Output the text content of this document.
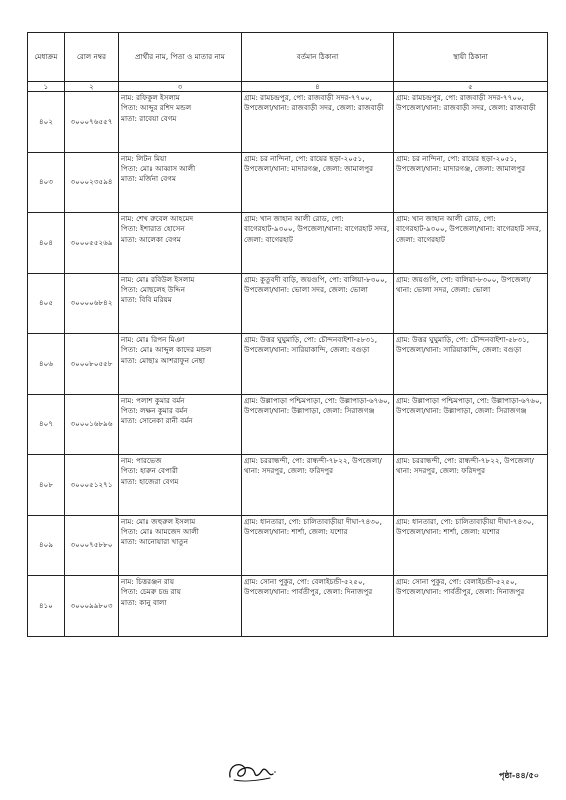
মেধাক্রম	রোল নম্বর	প্রার্থীর নাম, পিতা ও মাতার নাম	বর্তমান ঠিকানা	স্থায়ী ঠিকানা
১	২	৩	৪	৫
৪০২	৩০০০৭৬৫৫৭	নাম: রফিকুল ইসলাম
পিতা: আব্দুর রশিদ মন্ডল
মাতা: রাবেয়া বেগম	গ্রাম: রামচন্দ্রপুর, পো: রাজবাড়ী সদর-৭৭০০, উপজেলা/থানা: রাজবাড়ী সদর, জেলা: রাজবাড়ী	গ্রাম: রামচন্দ্রপুর, পো: রাজবাড়ী সদর-৭৭০০, উপজেলা/থানা: রাজবাড়ী সদর, জেলা: রাজবাড়ী
৪০৩	৩০০০২৩৫৯৪	নাম: লিটন মিয়া
পিতা: মোঃ আব্বাস আলী
মাতা: মর্জিনা বেগম	গ্রাম: চর নান্দিনা, পো: রায়ের ছড়া-২০৫১, উপজেলা/থানা: মাদারগঞ্জ, জেলা: জামালপুর	গ্রাম: চর নান্দিনা, পো: রায়ের ছড়া-২০৫১, উপজেলা/থানা: মাদারগঞ্জ, জেলা: জামালপুর
৪০৪	৩০০০৫৫২৬৯	নাম: শেখ রুবেল আহমেদ
পিতা: ইশারাত হোসেন
মাতা: আলেকা বেগম	গ্রাম: খান জাহান আলী রোড, পো: বাগেরহাট-৯৩০০, উপজেলা/থানা: বাগেরহাট সদর, জেলা: বাগেরহাট	গ্রাম: খান জাহান আলী রোড, পো: বাগেরহাট-৯৩০০, উপজেলা/থানা: বাগেরহাট সদর, জেলা: বাগেরহাট
৪০৫	৩০০০০৬৮৪২	নাম: মোঃ রবিউল ইসলাম
পিতা: মোছলেহ উদ্দিন
মাতা: বিবি মরিয়ম	গ্রাম: কুতুবদী বাড়ি, জয়গুপি, পো: বালিয়া-৮৩০০, উপজেলা/থানা: ভোলা সদর, জেলা: ভোলা	গ্রাম: জয়গুপি, পো: বালিয়া-৮৩০০, উপজেলা/থানা: ভোলা সদর, জেলা: ভোলা
৪০৬	৩০০০৮০৫৫৮	নাম: মোঃ রিপন মিঞা
পিতা: মোঃ আব্দুল কাদের মন্ডল
মাতা: মোছাঃ আশরাফুন নেছা	গ্রাম: উত্তর ঘুঘুমাড়ি, পো: চৌন্দনবাইশা-৫৮৩১, উপজেলা/থানা: সারিয়াকান্দি, জেলা: বগুড়া	গ্রাম: উত্তর ঘুঘুমাড়ি, পো: চৌন্দনবাইশা-৫৮৩১, উপজেলা/থানা: সারিয়াকান্দি, জেলা: বগুড়া
৪০৭	৩০০০১৬৮৯৬	নাম: পলাশ কুমার বর্মন
পিতা: লক্ষন কুমার বর্মন
মাতা: সোনেকা রানী বর্মন	গ্রাম: উল্লাপাড়া পশ্চিমপাড়া, পো: উল্লাপাড়া-৬৭৬০, উপজেলা/থানা: উল্লাপাড়া, জেলা: সিরাজগঞ্জ	গ্রাম: উল্লাপাড়া পশ্চিমপাড়া, পো: উল্লাপাড়া-৬৭৬০, উপজেলা/থানা: উল্লাপাড়া, জেলা: সিরাজগঞ্জ
৪০৮	৩০০০৫১২৭১	নাম: পারভেজ
পিতা: হারুন বেপারী
মাতা: হাজেরা বেগম	গ্রাম: চররান্ধন্দী, পো: রান্ধন্দী-৭৮২২, উপজেলা/থানা: সদরপুর, জেলা: ফরিদপুর	গ্রাম: চররান্ধন্দী, পো: রান্ধন্দী-৭৮২২, উপজেলা/থানা: সদরপুর, জেলা: ফরিদপুর
৪০৯	৩০০০৭৫৮৮০	নাম: মোঃ জহুরুল ইসলাম
পিতা: মোঃ আমজেদ আলী
মাতা: আনোয়ারা খাতুন	গ্রাম: ধানতারা, পো: চালিতাবাড়ীয়া দীঘা-৭৪৩০, উপজেলা/থানা: শার্শা, জেলা: যশোর	গ্রাম: ধানতারা, পো: চালিতাবাড়ীয়া দীঘা-৭৪৩০, উপজেলা/থানা: শার্শা, জেলা: যশোর
৪১০	৩০০০৯৯৮০৩	নাম: চিত্তরঞ্জন রায়
পিতা: চেমরু চন্দ্র রায়
মাতা: কানু বালা	গ্রাম: সোনা পুকুর, পো: বেলাইচন্ডী-৫২৫০, উপজেলা/থানা: পার্বতীপুর, জেলা: দিনাজপুর	গ্রাম: সোনা পুকুর, পো: বেলাইচন্ডী-৫২৫০, উপজেলা/থানা: পার্বতীপুর, জেলা: দিনাজপুর
পৃষ্ঠা-৪৪/৫০
